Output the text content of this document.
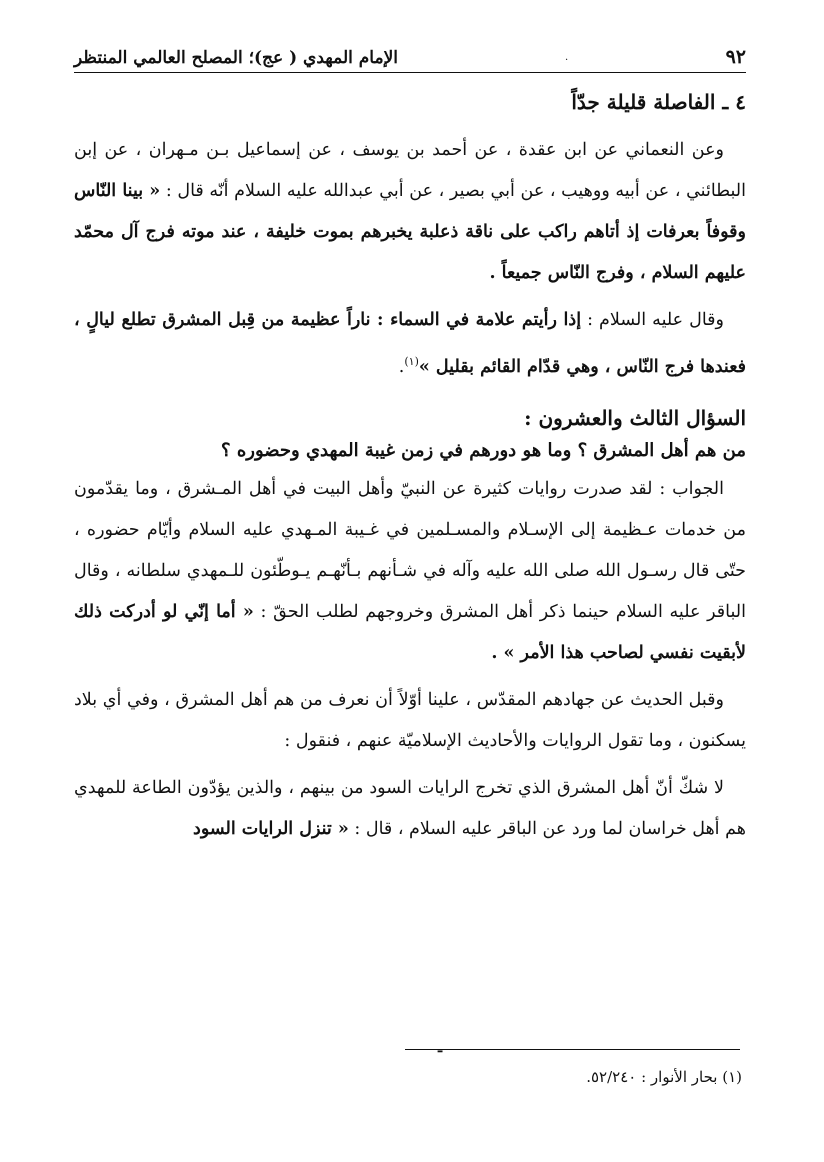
٩٢
الإمام المهدي ( عج)؛ المصلح العالمي المنتظر	.
٤ ـ الفاصلة قليلة جدّاً

وعن النعماني عن ابن عقدة ، عن أحمد بن يوسف ، عن إسماعيل بـن مـهران ، عن إبن البطائني ، عن أبيه ووهيب ، عن أبي بصير ، عن أبي عبدالله عليه السلام أنّه قال : « بينا النّاس وقوفاً بعرفات إذ أتاهم راكب على ناقة ذعلبة يخبرهم بموت خليفة ، عند موته فرج آل محمّد عليهم السلام ، وفرج النّاس جميعاً .

وقال عليه السلام : إذا رأيتم علامة في السماء : ناراً عظيمة من قِبل المشرق تطلع ليالٍ ، فعندها فرج النّاس ، وهي قدّام القائم بقليل »$^{(١)}$.

السؤال الثالث والعشرون :
من هم أهل المشرق ؟ وما هو دورهم في زمن غيبة المهدي وحضوره ؟

الجواب : لقد صدرت روايات كثيرة عن النبيّ وأهل البيت في أهل المـشرق ، وما يقدّمون من خدمات عـظيمة إلى الإسـلام والمسـلمين في غـيبة المـهدي عليه السلام وأيّام حضوره ، حتّى قال رسـول الله صلى الله عليه وآله في شـأنهم بـأنّهـم يـوطّئون للـمهدي سلطانه ، وقال الباقر عليه السلام حينما ذكر أهل المشرق وخروجهم لطلب الحقّ : « أما إنّي لو أدركت ذلك لأبقيت نفسي لصاحب هذا الأمر » .

وقبل الحديث عن جهادهم المقدّس ، علينا أوّلاً أن نعرف من هم أهل المشرق ، وفي أي بلاد يسكنون ، وما تقول الروايات والأحاديث الإسلاميّة عنهم ، فنقول :

لا شكّ أنّ أهل المشرق الذي تخرج الرايات السود من بينهم ، والذين يؤدّون الطاعة للمهدي هم أهل خراسان لما ورد عن الباقر عليه السلام ، قال : « تنزل الرايات السود

ـ
(١) بحار الأنوار : ٥٢/٢٤٠.
